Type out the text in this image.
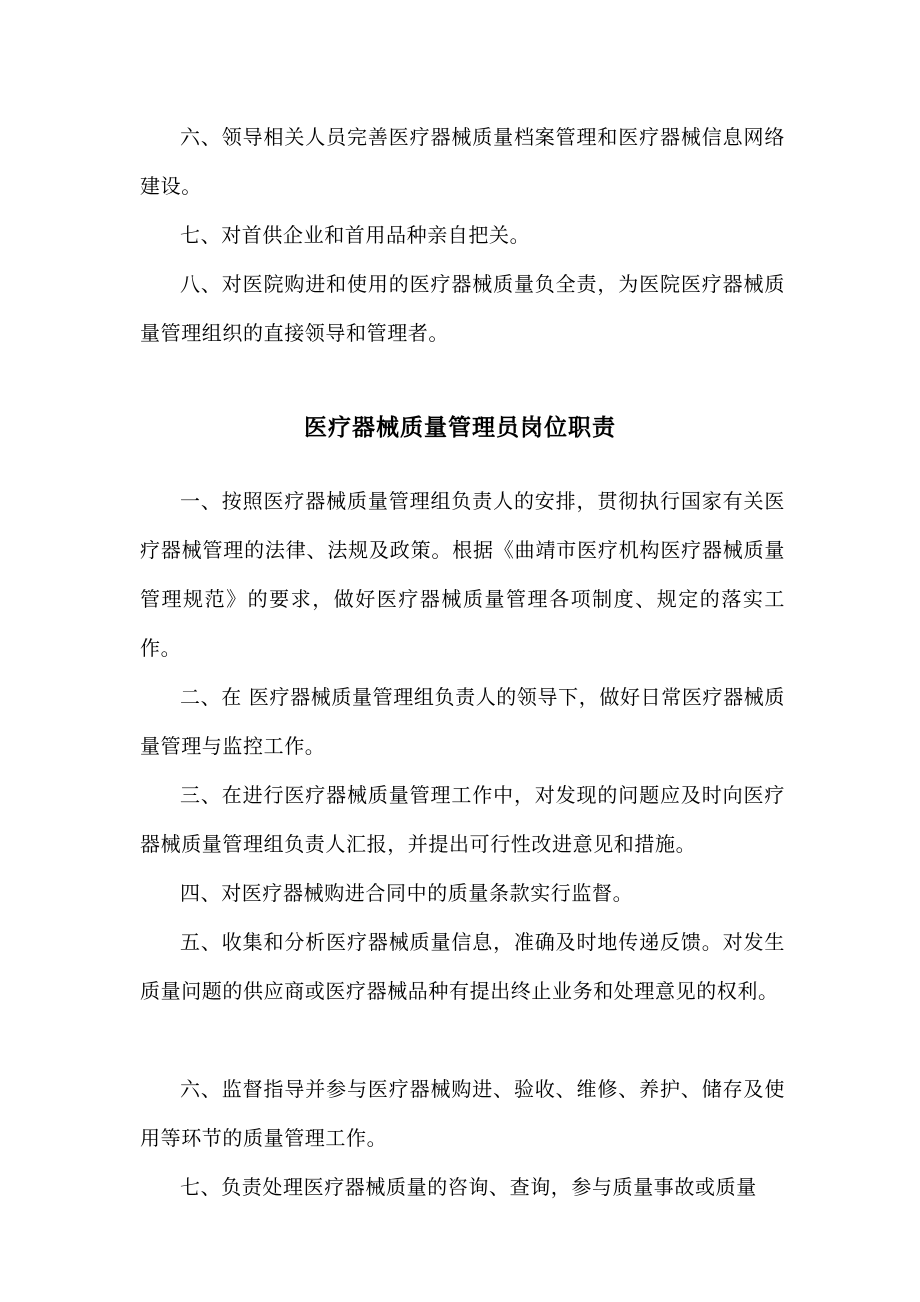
六、领导相关人员完善医疗器械质量档案管理和医疗器械信息网络建设。

七、对首供企业和首用品种亲自把关。

八、对医院购进和使用的医疗器械质量负全责，为医院医疗器械质量管理组织的直接领导和管理者。

医疗器械质量管理员岗位职责

一、按照医疗器械质量管理组负责人的安排，贯彻执行国家有关医疗器械管理的法律、法规及政策。根据《曲靖市医疗机构医疗器械质量管理规范》的要求，做好医疗器械质量管理各项制度、规定的落实工作。

二、在 医疗器械质量管理组负责人的领导下，做好日常医疗器械质量管理与监控工作。

三、在进行医疗器械质量管理工作中，对发现的问题应及时向医疗器械质量管理组负责人汇报，并提出可行性改进意见和措施。

四、对医疗器械购进合同中的质量条款实行监督。

五、收集和分析医疗器械质量信息，准确及时地传递反馈。对发生质量问题的供应商或医疗器械品种有提出终止业务和处理意见的权利。

六、监督指导并参与医疗器械购进、验收、维修、养护、储存及使用等环节的质量管理工作。

七、负责处理医疗器械质量的咨询、查询，参与质量事故或质量
